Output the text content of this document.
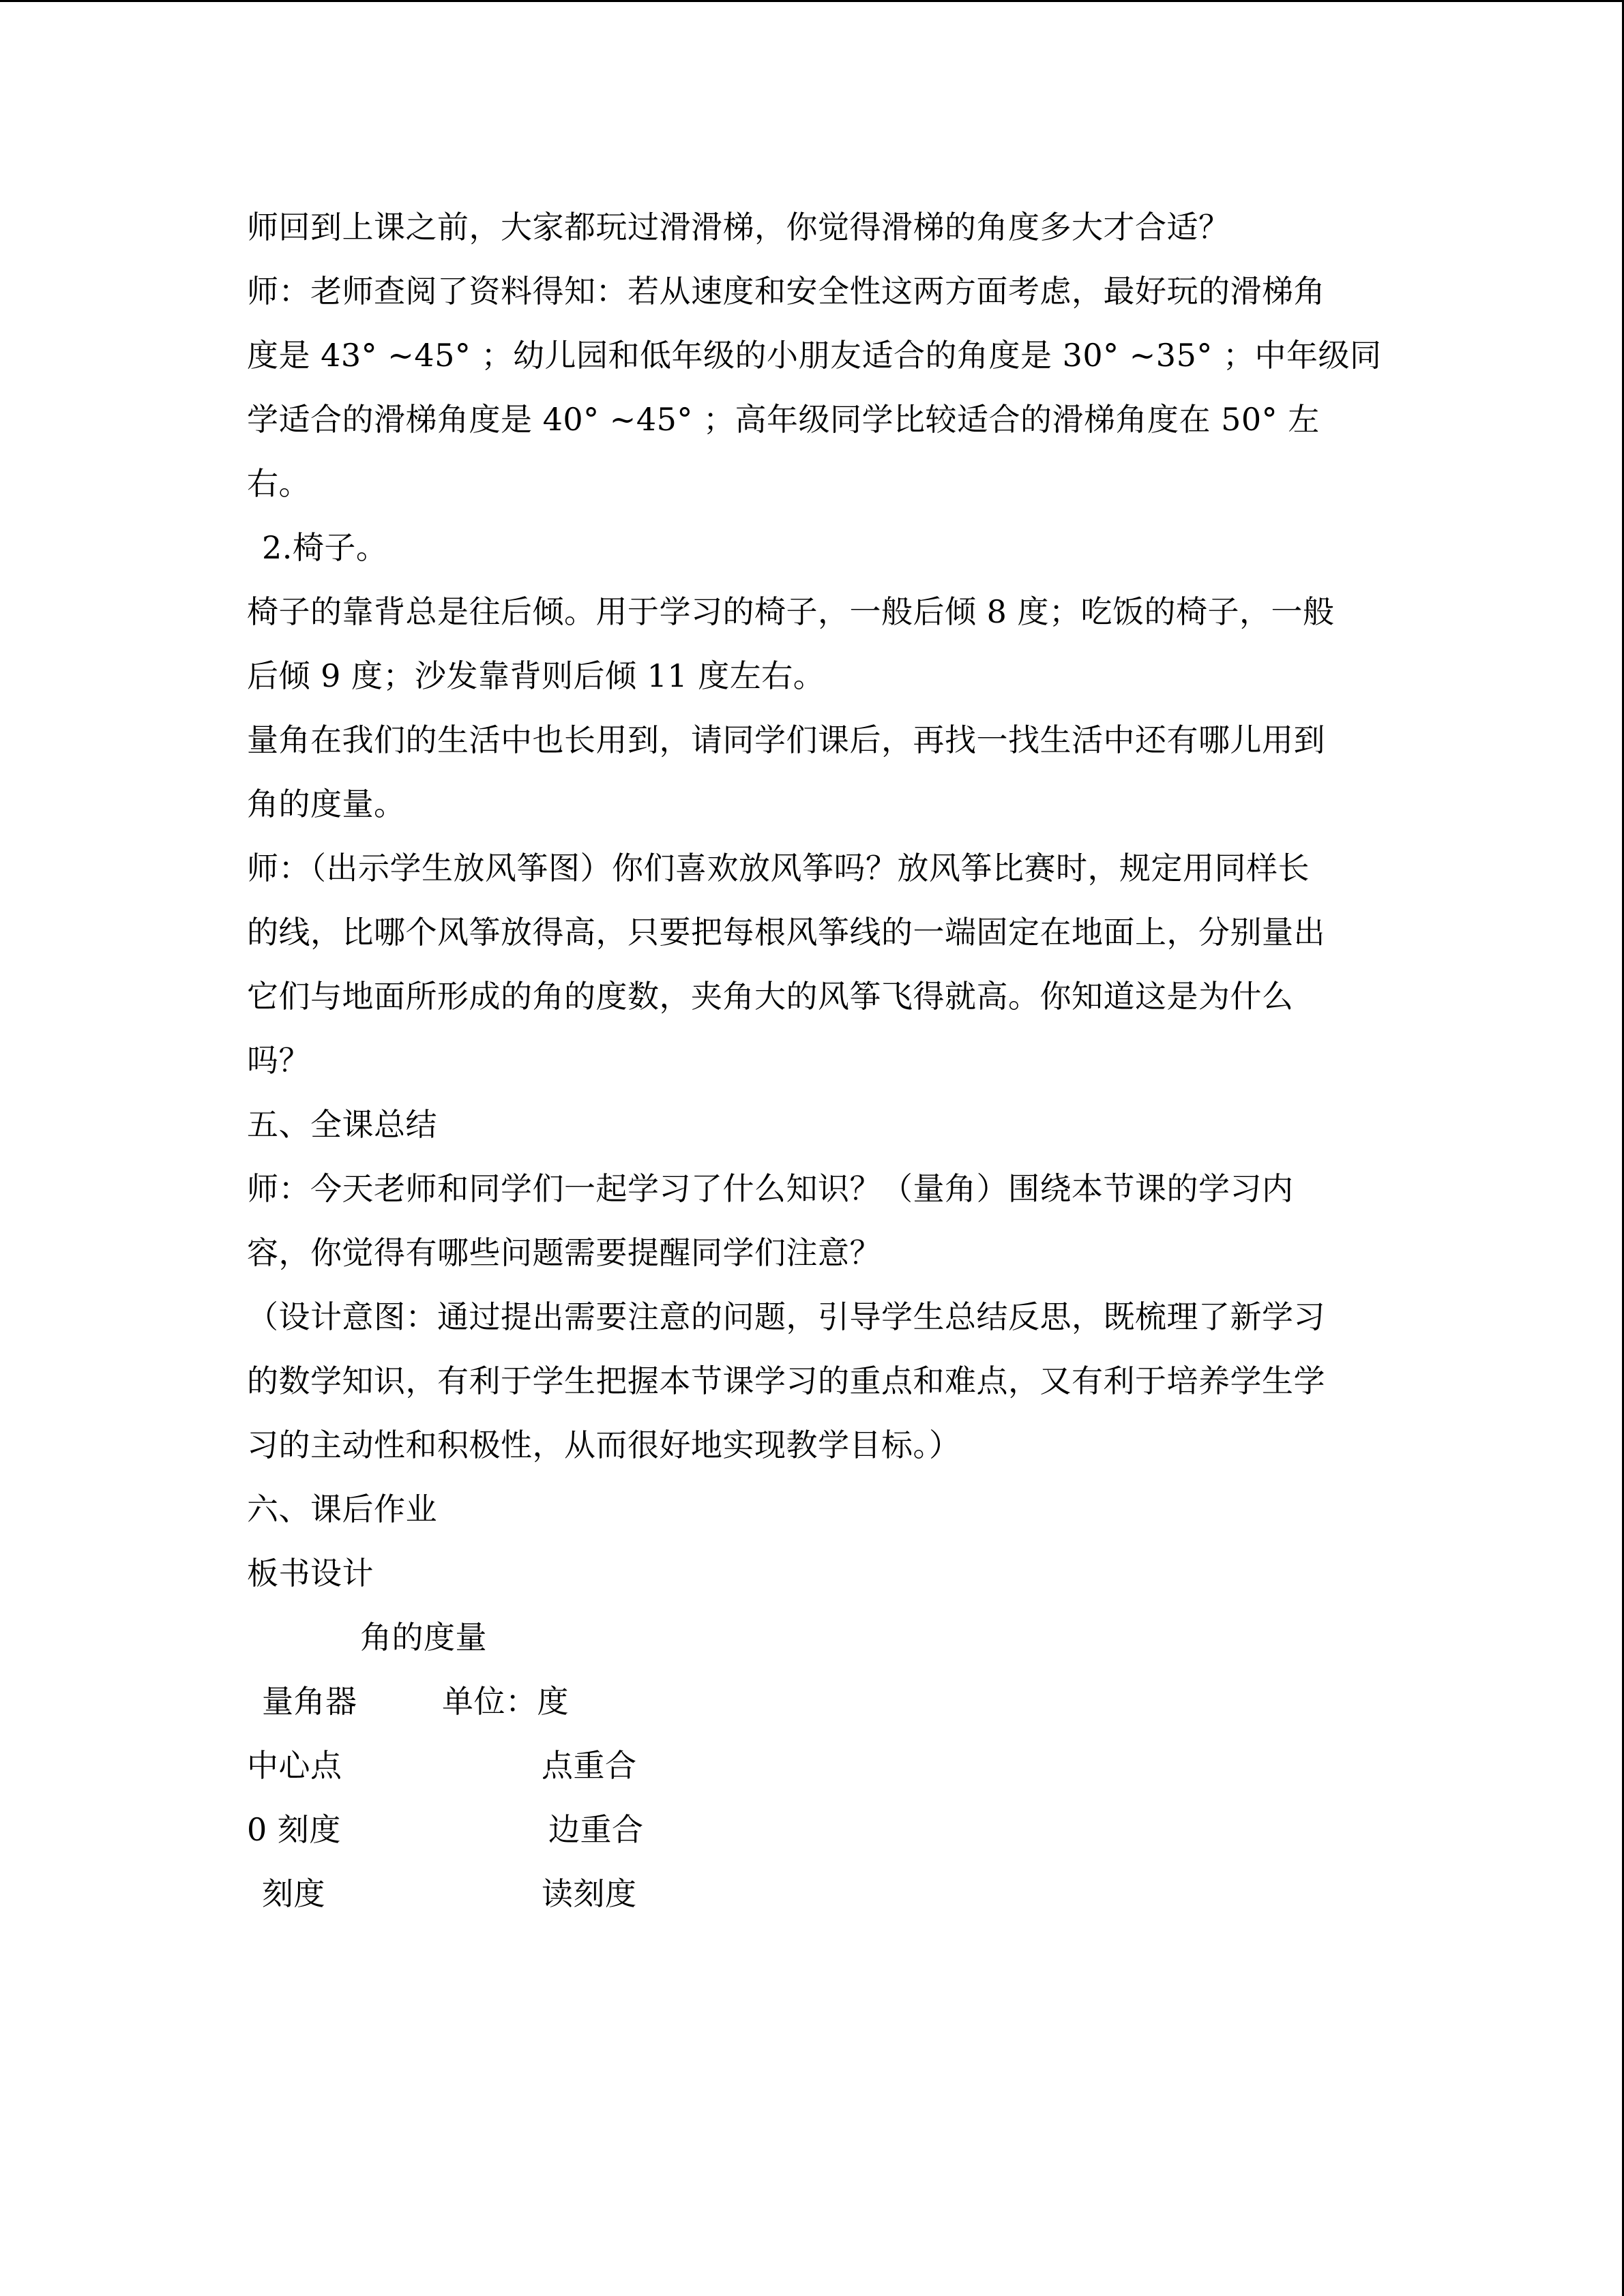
师回到上课之前，大家都玩过滑滑梯，你觉得滑梯的角度多大才合适？
师：老师查阅了资料得知：若从速度和安全性这两方面考虑，最好玩的滑梯角
度是 43° ~45° ；幼儿园和低年级的小朋友适合的角度是 30° ~35° ；中年级同
学适合的滑梯角度是 40° ~45° ；高年级同学比较适合的滑梯角度在 50° 左
右。
2.椅子。
椅子的靠背总是往后倾。用于学习的椅子，一般后倾 8 度；吃饭的椅子，一般
后倾 9 度；沙发靠背则后倾 11 度左右。
量角在我们的生活中也长用到，请同学们课后，再找一找生活中还有哪儿用到
角的度量。
师：（出示学生放风筝图）你们喜欢放风筝吗？放风筝比赛时，规定用同样长
的线，比哪个风筝放得高，只要把每根风筝线的一端固定在地面上，分别量出
它们与地面所形成的角的度数，夹角大的风筝飞得就高。你知道这是为什么
吗？
五、全课总结
师：今天老师和同学们一起学习了什么知识？（量角）围绕本节课的学习内
容，你觉得有哪些问题需要提醒同学们注意？
（设计意图：通过提出需要注意的问题，引导学生总结反思，既梳理了新学习
的数学知识，有利于学生把握本节课学习的重点和难点，又有利于培养学生学
习的主动性和积极性，从而很好地实现教学目标。）
六、课后作业
板书设计
角的度量
量角器	单位：度
中心点	点重合
0 刻度	边重合
刻度	读刻度
